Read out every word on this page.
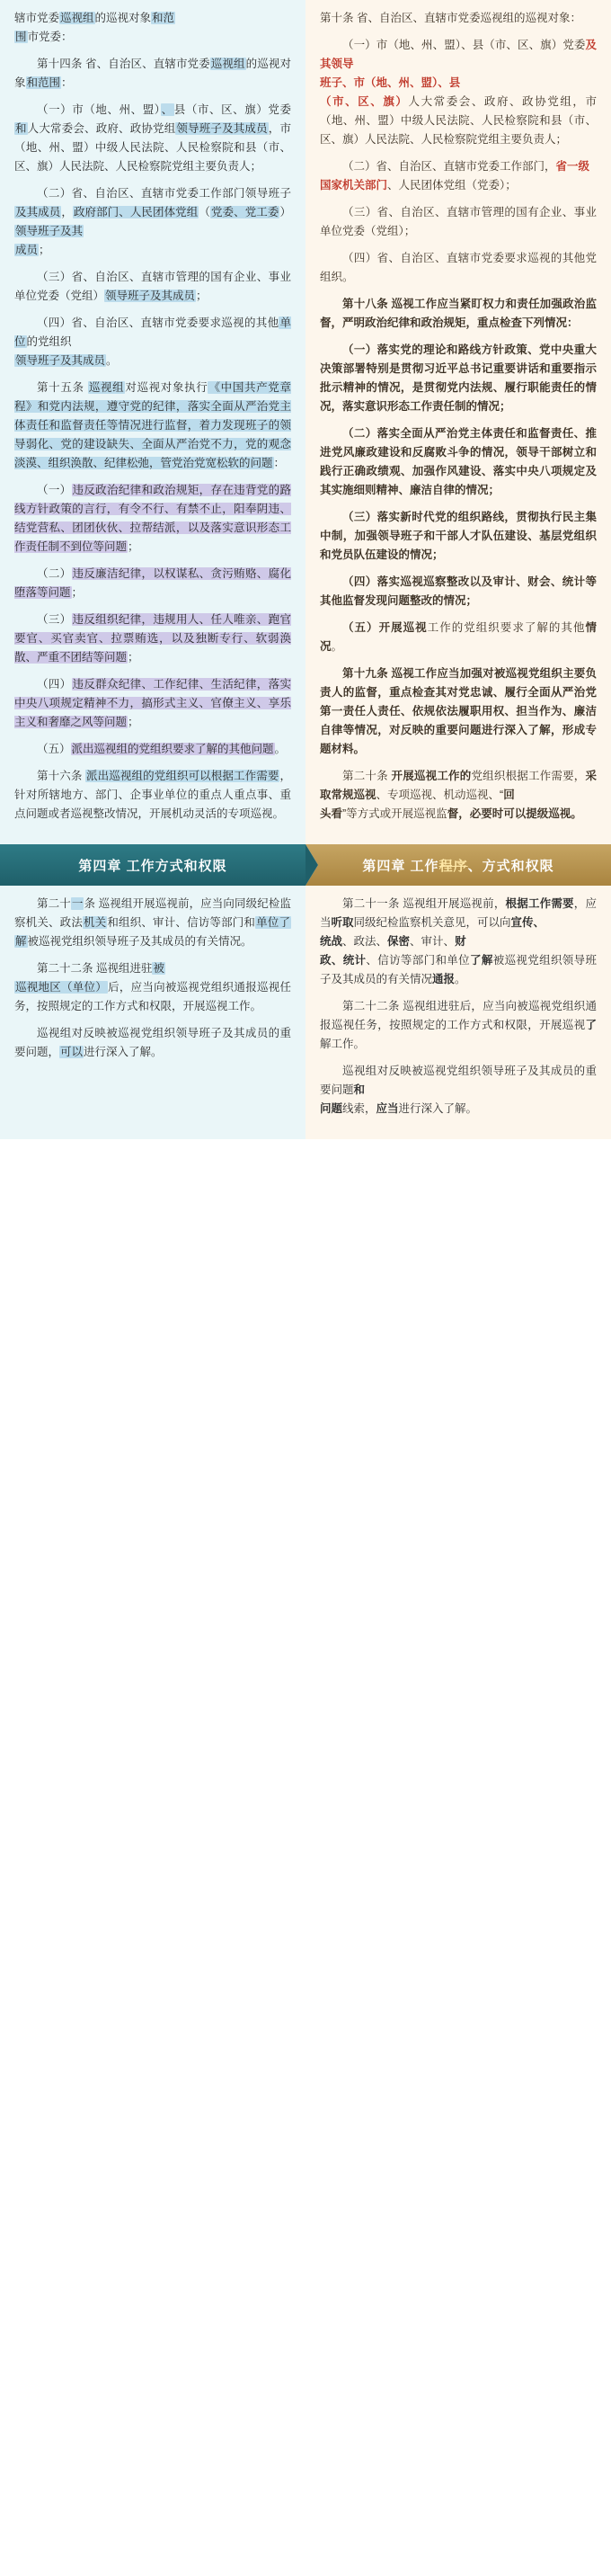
辖市党委巡视组的巡视对象和范
围市党委：

第十四条 省、自治区、直辖市党委巡视组的巡视对象和范围：

（一）市（地、州、盟）、县（市、区、旗）党委和人大常委会、政府、政协党组领导班子及其成员，市（地、州、盟）中级人民法院、人民检察院和县（市、区、旗）人民法院、人民检察院党组主要负责人；

（二）省、自治区、直辖市党委工作部门领导班子及其成员，政府部门、人民团体党组（党委、党工委）领导班子及其
成员；

（三）省、自治区、直辖市管理的国有企业、事业单位党委（党组）领导班子及其成员；

（四）省、自治区、直辖市党委要求巡视的其他单位的党组织
领导班子及其成员。

第十五条 巡视组对巡视对象执行《中国共产党章程》和党内法规，遵守党的纪律，落实全面从严治党主体责任和监督责任等情况进行监督，着力发现班子的领导弱化、党的建设缺失、全面从严治党不力，党的观念淡漠、组织涣散、纪律松弛，管党治党宽松软的问题：

（一）违反政治纪律和政治规矩，存在违背党的路线方针政策的言行，有令不行、有禁不止，阳奉阴违、结党营私、团团伙伙、拉帮结派，以及落实意识形态工作责任制不到位等问题；

（二）违反廉洁纪律，以权谋私、贪污贿赂、腐化堕落等问题；

（三）违反组织纪律，违规用人、任人唯亲、跑官要官、买官卖官、拉票贿选，以及独断专行、软弱涣散、严重不团结等问题；

（四）违反群众纪律、工作纪律、生活纪律，落实中央八项规定精神不力，搞形式主义、官僚主义、享乐主义和奢靡之风等问题；

（五）派出巡视组的党组织要求了解的其他问题。

第十六条 派出巡视组的党组织可以根据工作需要，针对所辖地方、部门、企事业单位的重点人重点事、重点问题或者巡视整改情况，开展机动灵活的专项巡视。

第十条 省、自治区、直辖市党委巡视组的巡视对象：

（一）市（地、州、盟）、县（市、区、旗）党委及其领导
班子、市（地、州、盟）、县
（市、区、旗）人大常委会、政府、政协党组，市（地、州、盟）中级人民法院、人民检察院和县（市、区、旗）人民法院、人民检察院党组主要负责人；

（二）省、自治区、直辖市党委工作部门，省一级
国家机关部门、人民团体党组（党委）；

（三）省、自治区、直辖市管理的国有企业、事业单位党委（党组）；

（四）省、自治区、直辖市党委要求巡视的其他党组织。

第十八条 巡视工作应当紧盯权力和责任加强政治监督，严明政治纪律和政治规矩，重点检查下列情况：

（一）落实党的理论和路线方针政策、党中央重大决策部署特别是贯彻习近平总书记重要讲话和重要指示批示精神的情况，是贯彻党内法规、履行职能责任的情况，落实意识形态工作责任制的情况；

（二）落实全面从严治党主体责任和监督责任、推进党风廉政建设和反腐败斗争的情况，领导干部树立和践行正确政绩观、加强作风建设、落实中央八项规定及其实施细则精神、廉洁自律的情况；

（三）落实新时代党的组织路线，贯彻执行民主集中制，加强领导班子和干部人才队伍建设、基层党组织和党员队伍建设的情况；

（四）落实巡视巡察整改以及审计、财会、统计等其他监督发现问题整改的情况；

（五）开展巡视工作的党组织要求了解的其他情况。

第十九条 巡视工作应当加强对被巡视党组织主要负责人的监督，重点检查其对党忠诚、履行全面从严治党第一责任人责任、依规依法履职用权、担当作为、廉洁自律等情况，对反映的重要问题进行深入了解，形成专题材料。

第二十条 开展巡视工作的党组织根据工作需要，采取常规巡视、专项巡视、机动巡视、“回
头看”等方式或开展巡视监督，必要时可以提级巡视。

第四章 工作方式和权限	第四章 工作程序、方式和权限

第二十一条 巡视组开展巡视前，应当向同级纪检监察机关、政法机关和组织、审计、信访等部门和单位了解被巡视党组织领导班子及其成员的有关情况。

第二十二条 巡视组进驻被
巡视地区（单位）后，应当向被巡视党组织通报巡视任务，按照规定的工作方式和权限，开展巡视工作。

巡视组对反映被巡视党组织领导班子及其成员的重要问题，可以进行深入了解。

第二十一条 巡视组开展巡视前，根据工作需要，应当听取同级纪检监察机关意见，可以向宣传、
统战、政法、保密、审计、财
政、统计、信访等部门和单位了解被巡视党组织领导班子及其成员的有关情况通报。

第二十二条 巡视组进驻后，应当向被巡视党组织通报巡视任务，按照规定的工作方式和权限，开展巡视了解工作。

巡视组对反映被巡视党组织领导班子及其成员的重要问题和
问题线索，应当进行深入了解。
